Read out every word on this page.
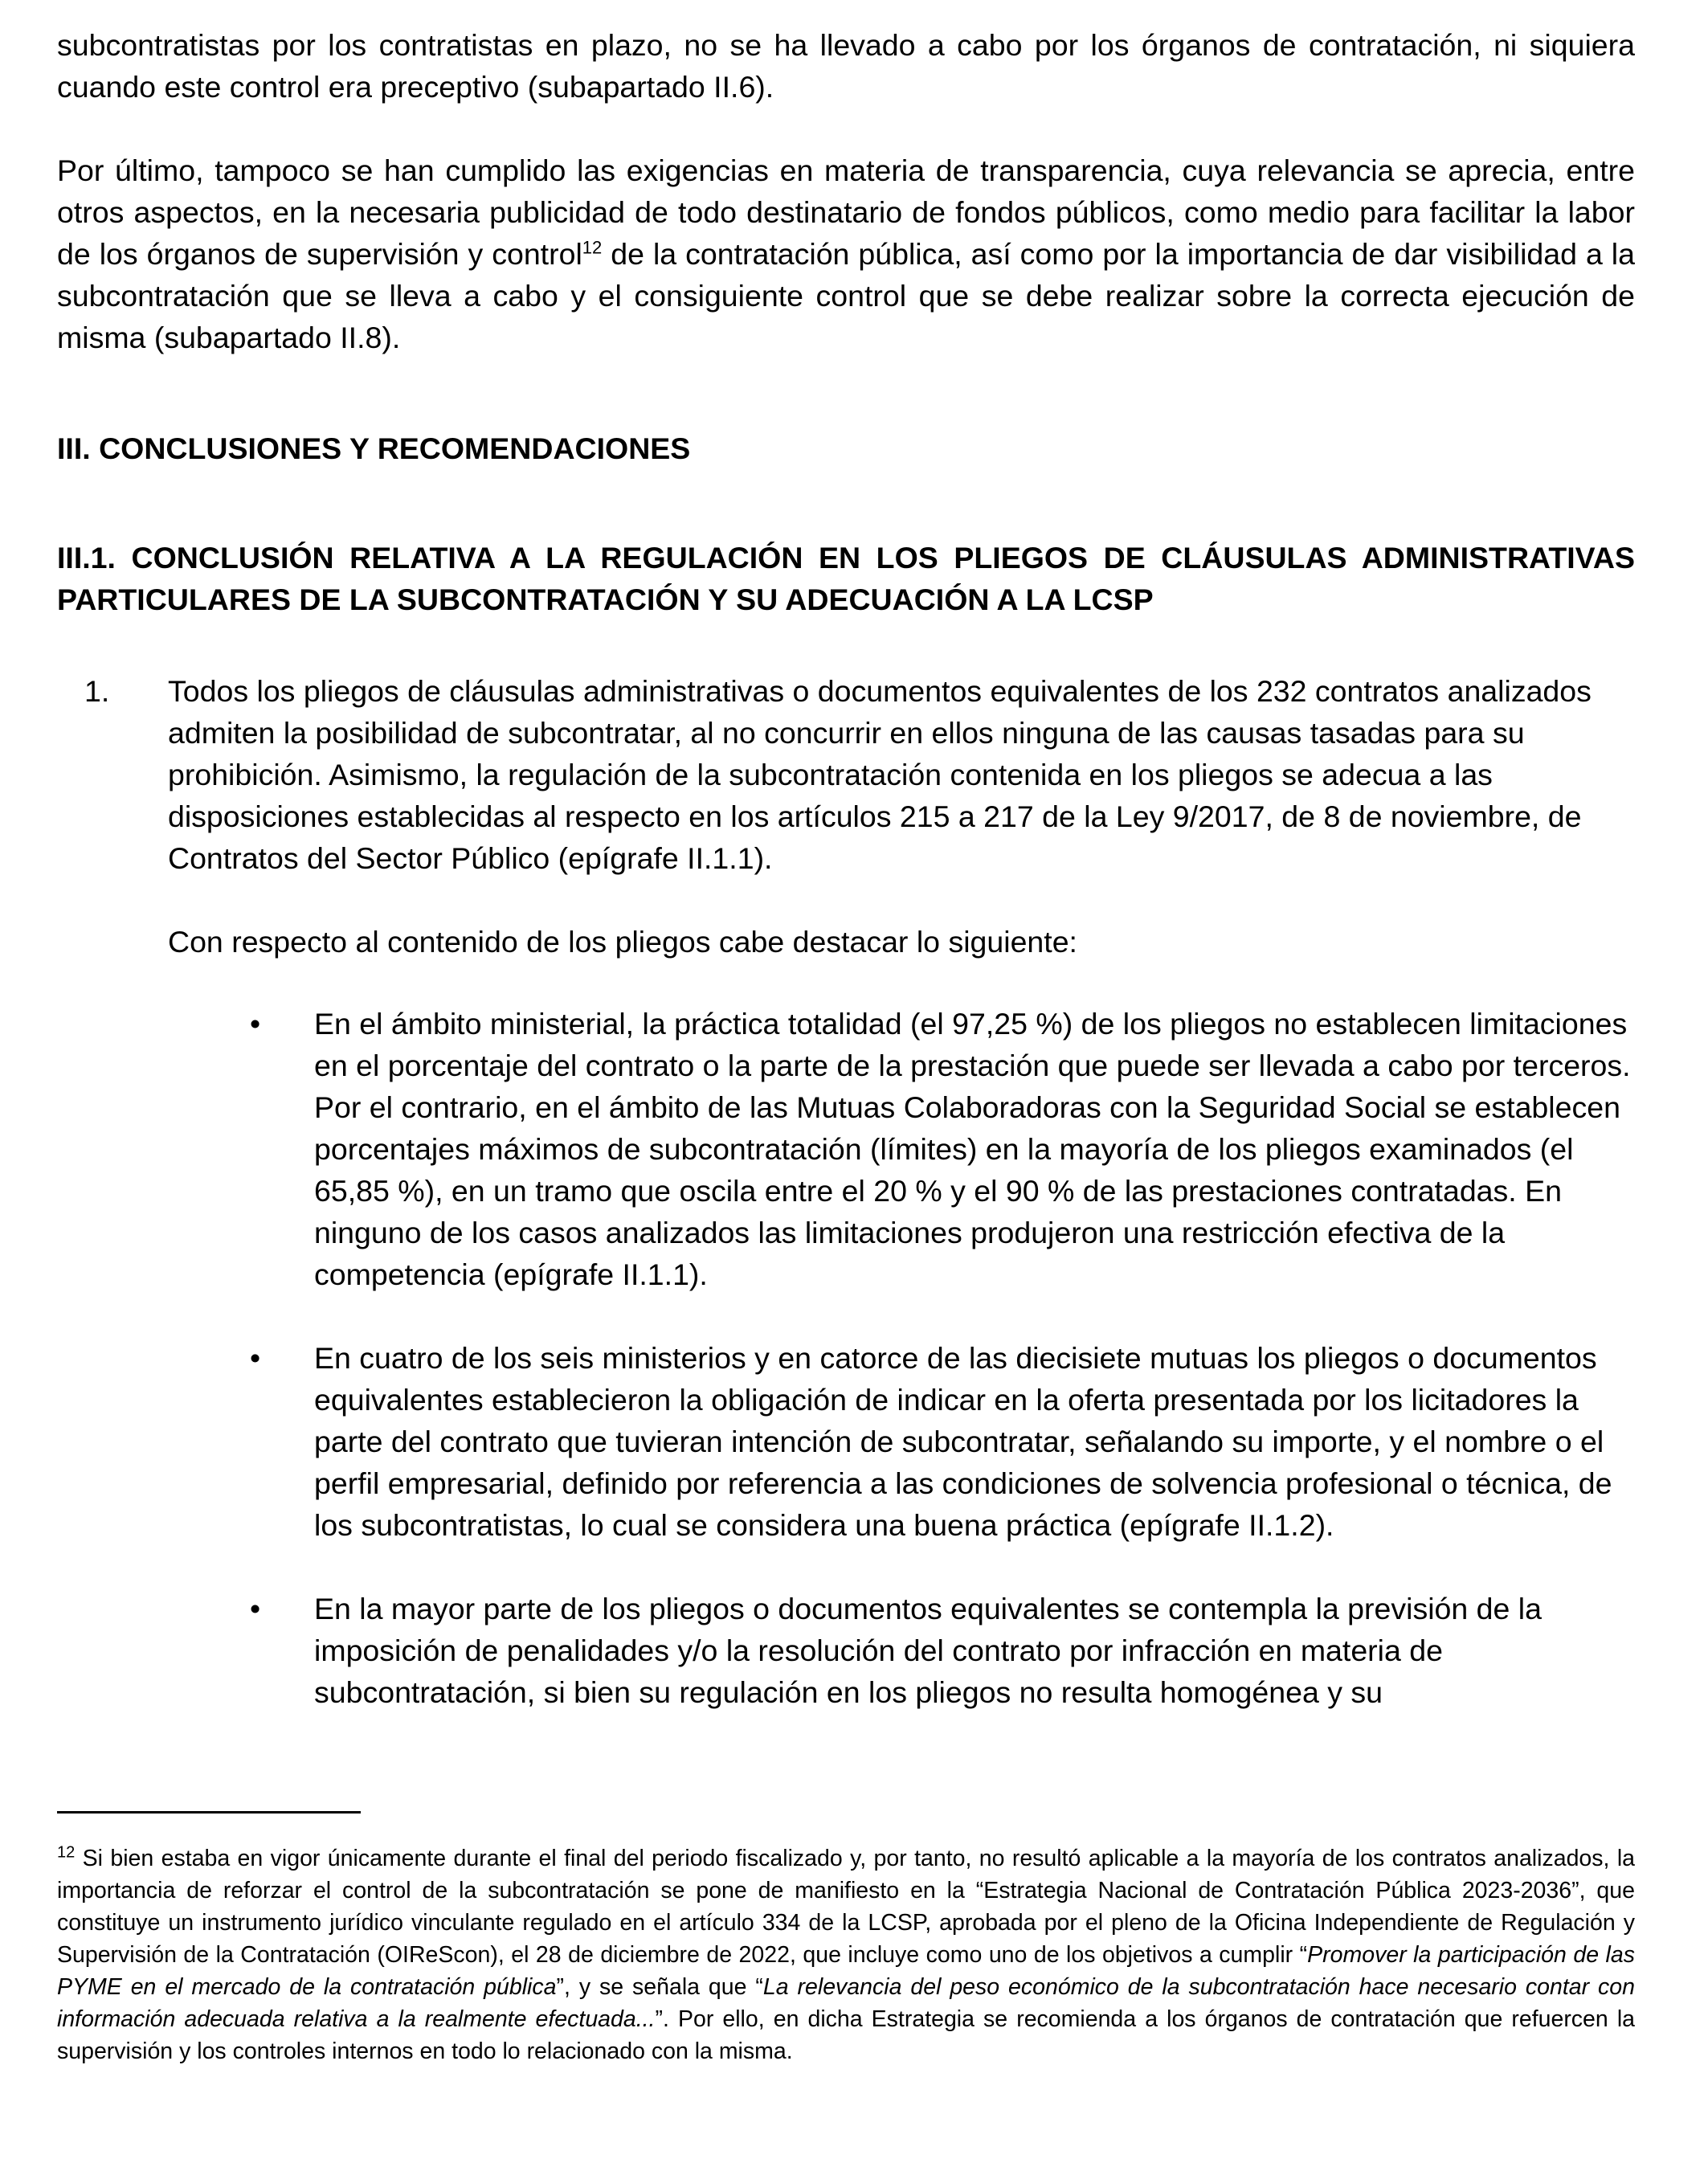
subcontratistas por los contratistas en plazo, no se ha llevado a cabo por los órganos de contratación, ni siquiera cuando este control era preceptivo (subapartado II.6).

Por último, tampoco se han cumplido las exigencias en materia de transparencia, cuya relevancia se aprecia, entre otros aspectos, en la necesaria publicidad de todo destinatario de fondos públicos, como medio para facilitar la labor de los órganos de supervisión y control$^{12}$ de la contratación pública, así como por la importancia de dar visibilidad a la subcontratación que se lleva a cabo y el consiguiente control que se debe realizar sobre la correcta ejecución de misma (subapartado II.8).

III. CONCLUSIONES Y RECOMENDACIONES
III.1. CONCLUSIÓN RELATIVA A LA REGULACIÓN EN LOS PLIEGOS DE CLÁUSULAS ADMINISTRATIVAS PARTICULARES DE LA SUBCONTRATACIÓN Y SU ADECUACIÓN A LA LCSP
1. Todos los pliegos de cláusulas administrativas o documentos equivalentes de los 232 contratos analizados admiten la posibilidad de subcontratar, al no concurrir en ellos ninguna de las causas tasadas para su prohibición. Asimismo, la regulación de la subcontratación contenida en los pliegos se adecua a las disposiciones establecidas al respecto en los artículos 215 a 217 de la Ley 9/2017, de 8 de noviembre, de Contratos del Sector Público (epígrafe II.1.1).
Con respecto al contenido de los pliegos cabe destacar lo siguiente:
•	En el ámbito ministerial, la práctica totalidad (el 97,25 %) de los pliegos no establecen limitaciones en el porcentaje del contrato o la parte de la prestación que puede ser llevada a cabo por terceros. Por el contrario, en el ámbito de las Mutuas Colaboradoras con la Seguridad Social se establecen porcentajes máximos de subcontratación (límites) en la mayoría de los pliegos examinados (el 65,85 %), en un tramo que oscila entre el 20 % y el 90 % de las prestaciones contratadas. En ninguno de los casos analizados las limitaciones produjeron una restricción efectiva de la competencia (epígrafe II.1.1).
•	En cuatro de los seis ministerios y en catorce de las diecisiete mutuas los pliegos o documentos equivalentes establecieron la obligación de indicar en la oferta presentada por los licitadores la parte del contrato que tuvieran intención de subcontratar, señalando su importe, y el nombre o el perfil empresarial, definido por referencia a las condiciones de solvencia profesional o técnica, de los subcontratistas, lo cual se considera una buena práctica (epígrafe II.1.2).
•	En la mayor parte de los pliegos o documentos equivalentes se contempla la previsión de la imposición de penalidades y/o la resolución del contrato por infracción en materia de subcontratación, si bien su regulación en los pliegos no resulta homogénea y su

$^{12}$ Si bien estaba en vigor únicamente durante el final del periodo fiscalizado y, por tanto, no resultó aplicable a la mayoría de los contratos analizados, la importancia de reforzar el control de la subcontratación se pone de manifiesto en la “Estrategia Nacional de Contratación Pública 2023-2036”, que constituye un instrumento jurídico vinculante regulado en el artículo 334 de la LCSP, aprobada por el pleno de la Oficina Independiente de Regulación y Supervisión de la Contratación (OIReScon), el 28 de diciembre de 2022, que incluye como uno de los objetivos a cumplir “Promover la participación de las PYME en el mercado de la contratación pública”, y se señala que “La relevancia del peso económico de la subcontratación hace necesario contar con información adecuada relativa a la realmente efectuada...”. Por ello, en dicha Estrategia se recomienda a los órganos de contratación que refuercen la supervisión y los controles internos en todo lo relacionado con la misma.
